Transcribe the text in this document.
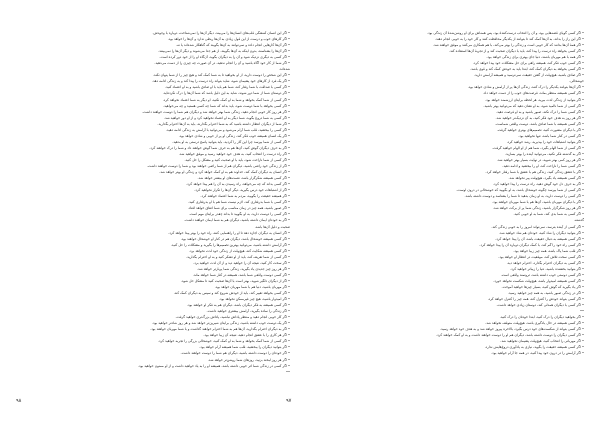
• اگر این انسان آشفتگی قلب‌های انسان‌ها را می‌بیند، دیگر آن‌ها را نمی‌شناخت، دوباره با وجودش.
• اگر کارهای خوب و درست از این قول زیادی به آن‌ها ربطی ندارد و آن‌ها را خواهد بود.
• اگر آن‌ها کارهایی انجام داده و نمی‌توانند به آن‌ها بگویند که گناهکار شده‌اند یا نه.
• اگر آن‌ها را بشناسند، بدون اینکه به آن‌ها بگویند، از هم جدا می‌شوند و دیگر آن‌ها را نمی‌بینند.
• اگر کسی به دیگری نزدیک شود و آن را به دیگران بگوید، آن‌گاه او را از خود دور کرده است.
• اگر شما از کار خود آگاه باشید و آن را انجام ندهید، در آن صورت چه چیزی را از دست می‌دهید.
شده‌اند.
• اگر این شخص را دوست دارید، از او بخواهید تا به شما کمک کند و هیچ چیز را از شما پنهان نکند.
• اگر یک فرد از کارهای خود پشیمان شود، شاید بتواند راه درست را پیدا کند و به زندگی ادامه دهد.
• اگر کسی با صداقت با شما رفتار کند، شما هم باید با او صادق باشید و به او اعتماد کنید.
• اگر دوستان شما از شما دور شوند، شاید به این دلیل باشد که شما آن‌ها را درک نکرده‌اید.
• اگر کسی از شما کمک بخواهد و شما به او کمک نکنید، او دیگر به شما اعتماد نخواهد کرد.
• اگر کسی بخواهد با شما دوست شود، باید بداند که شما چه کسی هستید و چه می‌خواهید.
• اگر هر روز کار خوبی انجام دهید، زندگی شما بهتر خواهد شد و دیگران هم شما را دوست خواهند داشت.
• اگر کسی به شما دروغ بگوید، شما دیگر به او اعتماد نخواهید کرد و از او دور خواهید شد.
• اگر شما از دیگران انتظار داشته باشید که به شما احترام بگذارند، باید به آن‌ها احترام بگذارید.
• اگر کسی را ببخشید، قلب شما آرام می‌شود و می‌توانید با آرامش به زندگی ادامه دهید.
• اگر یک انسان همیشه خوب فکر کند، زندگی او پر از خوبی و شادی خواهد بود.
• اگر کسی از شما بپرسد چرا این کار را کردید، باید بتوانید پاسخ درستی به او بدهید.
• اگر به حرف دیگران گوش کنید، آن‌ها هم به حرف شما گوش خواهند داد و شما را درک خواهند کرد.
• اگر راه درست را انتخاب کنید، به هدف خود خواهید رسید و موفق خواهید شد.
• اگر کسی از شما ناراحت شود، باید با او صحبت کنید و مشکل را حل کنید.
• اگر از زندگی خود راضی باشید، دیگران هم از شما راضی خواهند بود و شما را دوست خواهند داشت.
• اگر انسان به دیگران کمک کند، خداوند هم به او کمک خواهد کرد و زندگی او بهتر خواهد شد.
• اگر کسی همیشه شکرگزار باشد، نعمت‌های او بیشتر خواهد شد.
• اگر کسی بداند که چه می‌خواهد، راه رسیدن به آن را هم پیدا خواهد کرد.
• اگر از اشتباهات خود درس بگیرید، دیگر آن‌ها را تکرار نخواهید کرد.
• اگر همیشه حقیقت را بگویید، مردم به شما اعتماد خواهند کرد.
• اگر کسی با شما بدرفتاری کند، لازم نیست شما هم با او بدرفتاری کنید.
• اگر صبور باشید، همه چیز در زمان مناسب برای شما اتفاق خواهد افتاد.
• اگر کسی را دوست دارید، به او بگویید تا بداند چقدر برایتان مهم است.
• اگر به خودتان ایمان داشته باشید، دیگران هم به شما ایمان خواهند داشت.
صحبت و دلیل آن‌ها باشد.
• اگر انسان به دیگران اجازه دهد تا او را راهنمایی کنند، راه خود را بهتر پیدا خواهد کرد.
• اگر کسی همیشه خوشحال باشد، دیگران هم در کنار او خوشحال خواهند بود.
• اگر آرامش داشته باشید، می‌توانید بهترین تصمیم‌ها را بگیرید و مشکلات را حل کنید.
• اگر کسی همیشه شکایت کند، هیچ‌وقت از زندگی خود لذت نخواهد برد.
• اگر کسی از شما تعریف کند، باید از او تشکر کنید و به او احترام بگذارید.
• اگر سخت کار کنید، نتیجه آن را خواهید دید و از آن لذت خواهید برد.
• اگر هر روز چیز جدیدی یاد بگیرید، زندگی شما پربارتر خواهد شد.
• اگر کسی دوست واقعی شما باشد، همیشه در کنار شما خواهد ماند.
• اگر از دیگران دلگیر شوید، بهتر است با آن‌ها صحبت کنید تا مشکل حل شود.
• اگر مهربان باشید، دنیا هم با شما مهربان خواهد بود.
• اگر کسی بخواهد تغییر کند، باید از خودش شروع کند و سپس به دیگران کمک کند.
• اگر امیدوار باشید، هیچ چیز غیرممکن نخواهد بود.
• اگر کسی همیشه به فکر دیگران باشد، دیگران هم به فکر او خواهند بود.
• اگر زندگی را ساده بگیرید، آرامش بیشتری خواهید داشت.
• اگر کار خوبی انجام دهید و منتظر پاداش نباشید، پاداش بزرگ‌تری خواهید گرفت.
• اگر یک دوست خوب داشته باشید، زندگی برایتان شیرین‌تر خواهد شد و هر روز شادتر خواهید بود.
• اگر به دیگران احترام بگذارید، آن‌ها هم به شما احترام خواهند گذاشت و با شما مهربان خواهند بود.
• اگر هر کاری را با عشق انجام دهید، نتیجه آن زیبا خواهد بود.
• اگر کسی از شما کمک بخواهد و شما به او کمک کنید، خوشحالی بزرگی را تجربه خواهید کرد.
• اگر بتوانید دیگران را ببخشید، قلب شما همیشه آرام خواهد بود.
• اگر خودتان را دوست داشته باشید، دیگران هم شما را دوست خواهند داشت.
• اگر هر روز لبخند بزنید، روزهای شما روشن‌تر خواهد شد.
• اگر کسی در زندگی شما اثر خوبی داشته باشد، همیشه او را به یاد خواهید داشت و از او ممنون خواهید بود.
••
• اگر کسی گویای قصه‌هایی بود، و آن را انتخاب درست‌کنندهٔ بود، پس همه‌اش برای او روشن‌شدهٔ آن زندگی بود.
• اگر این راز را بداند، به آن‌ها کمک کند تا بتوانند از یکدیگر محافظت کنند و کار خود را به خوبی انجام دهند.
• اگر همهٔ آن‌ها بدانند که کار خوبی است و زندگی را بهتر می‌کند، با هم همکاری می‌کنند و موفق خواهند شد.
• اگر کسی بخواهد راه درست را پیدا کند، باید با دیگران صحبت کند و از تجربهٔ آن‌ها استفاده کند.
• اگر همه با هم مهربان باشند، دنیا جای بهتری برای زندگی خواهد بود.
• اگر کسی خوب فکر کند، همیشه راهی برای حل مشکلات خود پیدا خواهد کرد.
• اگر کسی بخواهد به دیگران کمک کند، ابتدا باید به خودش کمک کند و قوی باشد.
• اگر صادق باشید، هیچ‌وقت از گفتن حقیقت نمی‌ترسید و همیشه آرامش دارید.
خوشحالی.
• اگر آن‌ها بتوانند یکدیگر را درک کنند، زندگی آن‌ها پر از آرامش و شادی خواهد بود.
• اگر کسی همیشه منتظر بماند، فرصت‌های خوب را از دست خواهد داد.
• اگر بتوانید از زندگی لذت ببرید، هر لحظه برایتان ارزشمند خواهد بود.
• اگر کسی از شما ناامید شود، به او نشان دهید که می‌توانید بهتر باشید.
• اگر کسی شما را درک نکند، صبور باشید و به او فرصت دهید.
• اگر هر روز به هدف خود فکر کنید، به آن نزدیک‌تر خواهید شد.
• اگر کسی همیشه با شما صادق باشد، دوست واقعی شماست.
• اگر با دیگران مشورت کنید، تصمیم‌های بهتری خواهید گرفت.
• اگر کسی در کنار شما باشد، تنها نخواهید بود.
• اگر بتوانید اشتباهات خود را بپذیرید، رشد خواهید کرد.
• اگر کسی از شما الهام بگیرد، شما هم از او الهام خواهید گرفت.
• اگر به گذشته فکر نکنید، می‌توانید آینده را بهتر بسازید.
• اگر هر روز کمی بهتر شوید، در نهایت بسیار بهتر خواهید شد.
• اگر کسی شما را ناراحت کند، او را ببخشید و ادامه دهید.
• اگر با عشق زندگی کنید، زندگی هم با عشق با شما رفتار خواهد کرد.
• اگر کسی همیشه یاد بگیرد، هیچ‌وقت پیر نخواهد شد.
• اگر به حرف دل خود گوش دهید، راه درست را پیدا خواهید کرد.
• اگر کسی از شما بپرسد چگونه خوشحال باشد، به او بگویید که خوشحالی در درون اوست.
• اگر کسی را دوست دارید، به او زمان بدهید تا شما را بشناسد و دوست داشته باشد.
• اگر با دیگران مهربان باشید، آن‌ها هم با شما مهربان خواهند بود.
• اگر هر روز شکرگزار باشید، زندگی شما پر از برکت خواهد شد.
• اگر کسی به شما بدی کند، شما به او خوبی کنید.
گذشته.
• اگر کسی از آینده بترسد، نمی‌تواند امروز را به خوبی زندگی کند.
• اگر بتوانید دیگران را شاد کنید، خودتان هم شاد خواهید شد.
• اگر کسی همیشه به دنبال حقیقت باشد، آن را پیدا خواهد کرد.
• اگر کسی راه خود را گم کند، با کمک دیگران دوباره آن را پیدا خواهد کرد.
• اگر قلب شما پاک باشد، همه چیز زیبا خواهد بود.
• اگر کسی سخت تلاش کند، موفقیت در انتظار او خواهد بود.
• اگر کسی به دیگران احترام بگذارد، احترام خواهد دید.
• اگر بتوانید بخشنده باشید، دنیا را زیباتر خواهید کرد.
• اگر کسی دوستی خوب داشته باشد، ثروتمند واقعی است.
• اگر کسی همیشه امیدوار باشد، هیچ‌وقت شکست نخواهد خورد.
• اگر یاد بگیرید که گوش کنید، بسیار چیزها خواهید آموخت.
• اگر در زندگی صبور باشید، به همه چیز خواهید رسید.
• اگر کسی بتواند خودش را کنترل کند، همه چیز را کنترل خواهد کرد.
• اگر کسی با دیگران همدلی کند، دوستان زیادی خواهد داشت.
••
• اگر بخواهید دیگران را درک کنید، ابتدا خودتان را درک کنید.
• اگر کسی همیشه در حال یادگیری باشد، هیچ‌وقت متوقف نخواهد شد.
• اگر کسی بتواند از شکست‌های خود درس بگیرد، بالاخره پیروز خواهد شد و به هدف خود خواهد رسید.
• اگر کسی دیگران را دوست داشته باشد، دیگران هم او را دوست خواهند داشت و به او کمک خواهند کرد.
• اگر مهربانی را انتخاب کنید، هیچ‌وقت پشیمان نخواهید شد.
• اگر کسی همیشه حقیقت را بگوید، نیازی به یادآوری دروغ‌هایش ندارد.
• اگر آرامش را در درون خود پیدا کنید، در همه جا آرام خواهید بود.
۹۸	۹۷
